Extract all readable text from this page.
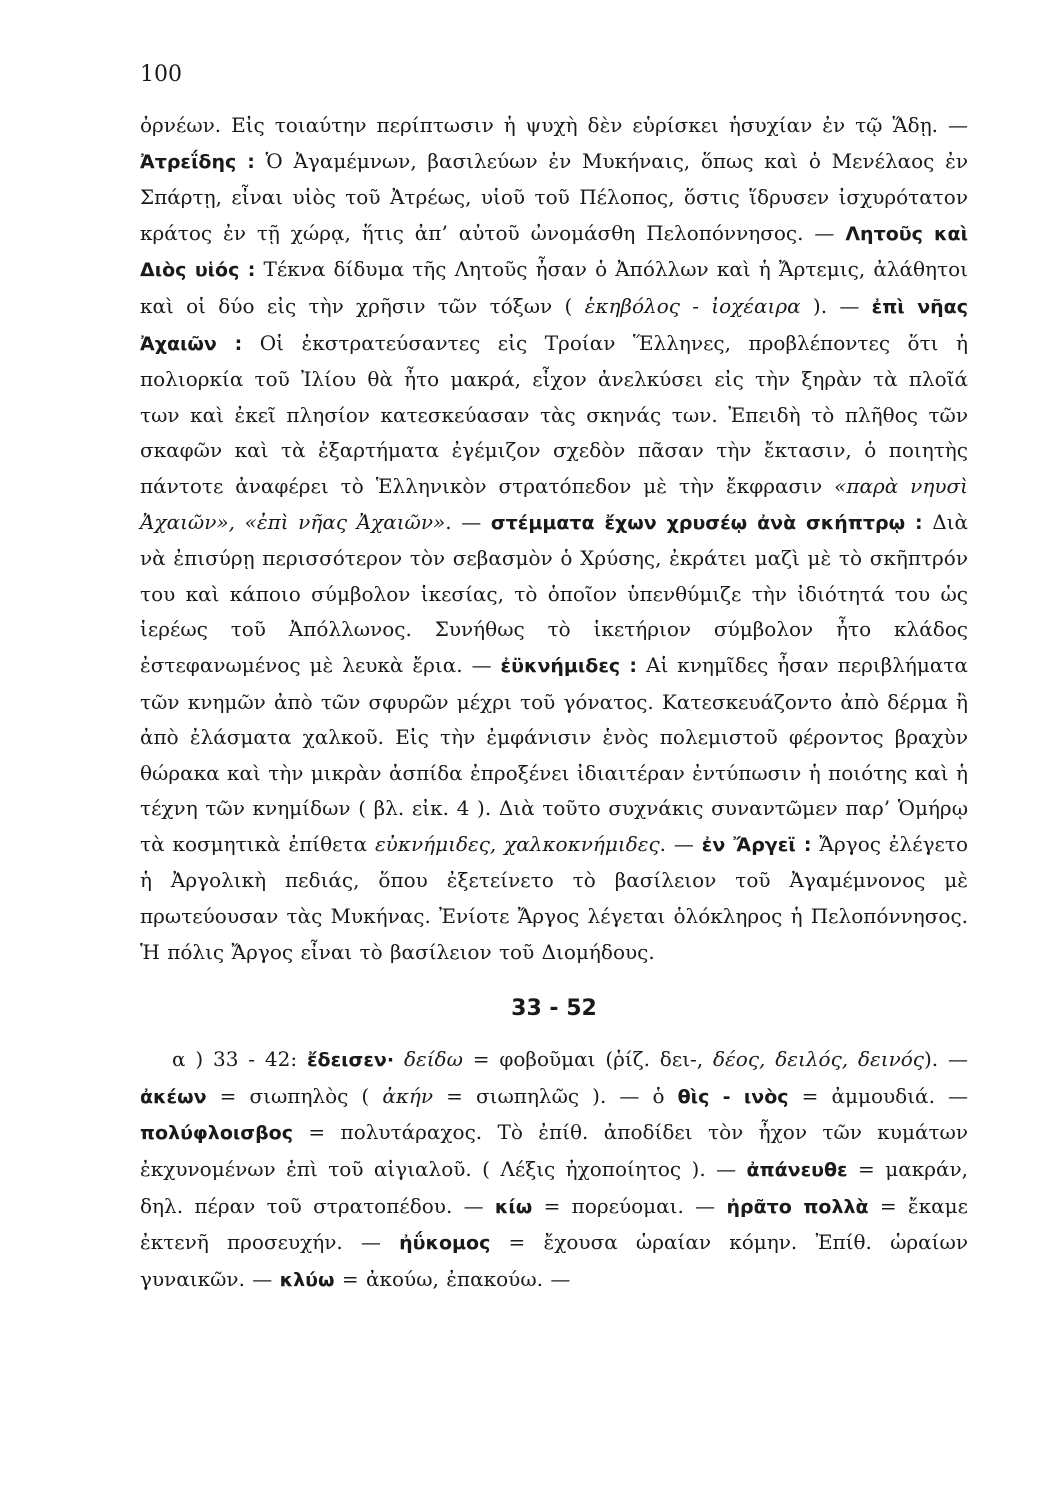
100

ὀρνέων. Εἰς τοιαύτην περίπτωσιν ἡ ψυχὴ δὲν εὑρίσκει ἡσυχίαν ἐν τῷ Ἅδῃ. — Ἀτρεΐδης : Ὁ Ἀγαμέμνων, βασιλεύων ἐν Μυκήναις, ὅπως καὶ ὁ Μενέλαος ἐν Σπάρτῃ, εἶναι υἱὸς τοῦ Ἀτρέως, υἱοῦ τοῦ Πέλοπος, ὅστις ἵδρυσεν ἰσχυρότατον κράτος ἐν τῇ χώρᾳ, ἥτις ἀπ’ αὐτοῦ ὠνομάσθη Πελοπόννησος. — Λητοῦς καὶ Διὸς υἱός : Τέκνα δίδυμα τῆς Λητοῦς ἦσαν ὁ Ἀπόλλων καὶ ἡ Ἄρτεμις, ἀλάθητοι καὶ οἱ δύο εἰς τὴν χρῆσιν τῶν τόξων ( ἑκηβόλος - ἰοχέαιρα ). — ἐπὶ νῆας Ἀχαιῶν : Οἱ ἐκστρατεύσαντες εἰς Τροίαν Ἕλληνες, προβλέποντες ὅτι ἡ πολιορκία τοῦ Ἰλίου θὰ ἦτο μακρά, εἶχον ἀνελκύσει εἰς τὴν ξηρὰν τὰ πλοῖά των καὶ ἐκεῖ πλησίον κατεσκεύασαν τὰς σκηνάς των. Ἐπειδὴ τὸ πλῆθος τῶν σκαφῶν καὶ τὰ ἐξαρτήματα ἐγέμιζον σχεδὸν πᾶσαν τὴν ἔκτασιν, ὁ ποιητὴς πάντοτε ἀναφέρει τὸ Ἑλληνικὸν στρατόπεδον μὲ τὴν ἔκφρασιν «παρὰ νηυσὶ Ἀχαιῶν», «ἐπὶ νῆας Ἀχαιῶν». — στέμματα ἔχων χρυσέῳ ἀνὰ σκήπτρῳ : Διὰ νὰ ἐπισύρῃ περισσότερον τὸν σεβασμὸν ὁ Χρύσης, ἐκράτει μαζὶ μὲ τὸ σκῆπτρόν του καὶ κάποιο σύμβολον ἱκεσίας, τὸ ὁποῖον ὑπενθύμιζε τὴν ἰδιότητά του ὡς ἱερέως τοῦ Ἀπόλλωνος. Συνήθως τὸ ἱκετήριον σύμβολον ἦτο κλάδος ἐστεφανωμένος μὲ λευκὰ ἔρια. — ἐϋκνήμιδες : Αἱ κνημῖδες ἦσαν περιβλήματα τῶν κνημῶν ἀπὸ τῶν σφυρῶν μέχρι τοῦ γόνατος. Κατεσκευάζοντο ἀπὸ δέρμα ἢ ἀπὸ ἐλάσματα χαλκοῦ. Εἰς τὴν ἐμφάνισιν ἑνὸς πολεμιστοῦ φέροντος βραχὺν θώρακα καὶ τὴν μικρὰν ἀσπίδα ἐπροξένει ἰδιαιτέραν ἐντύπωσιν ἡ ποιότης καὶ ἡ τέχνη τῶν κνημίδων ( βλ. εἰκ. 4 ). Διὰ τοῦτο συχνάκις συναντῶμεν παρ’ Ὁμήρῳ τὰ κοσμητικὰ ἐπίθετα εὐκνήμιδες, χαλκοκνήμιδες. — ἐν Ἄργεϊ : Ἄργος ἐλέγετο ἡ Ἀργολικὴ πεδιάς, ὅπου ἐξετείνετο τὸ βασίλειον τοῦ Ἀγαμέμνονος μὲ πρωτεύουσαν τὰς Μυκήνας. Ἐνίοτε Ἄργος λέγεται ὁλόκληρος ἡ Πελοπόννησος. Ἡ πόλις Ἄργος εἶναι τὸ βασίλειον τοῦ Διομήδους.

33 - 52

α ) 33 - 42: ἔδεισεν· δείδω = φοβοῦμαι (ῥίζ. δει-, δέος, δειλός, δεινός). — ἀκέων = σιωπηλὸς ( ἀκήν = σιωπηλῶς ). — ὁ θὶς - ινὸς = ἀμμουδιά. — πολύφλοισβος = πολυτάραχος. Τὸ ἐπίθ. ἀποδίδει τὸν ἦχον τῶν κυμάτων ἐκχυνομένων ἐπὶ τοῦ αἰγιαλοῦ. ( Λέξις ἠχοποίητος ). — ἀπάνευθε = μακράν, δηλ. πέραν τοῦ στρατοπέδου. — κίω = πορεύομαι. — ἠρᾶτο πολλὰ = ἔκαμε ἐκτενῆ προσευχήν. — ἠΰκομος = ἔχουσα ὡραίαν κόμην. Ἐπίθ. ὡραίων γυναικῶν. — κλύω = ἀκούω, ἐπακούω. —
